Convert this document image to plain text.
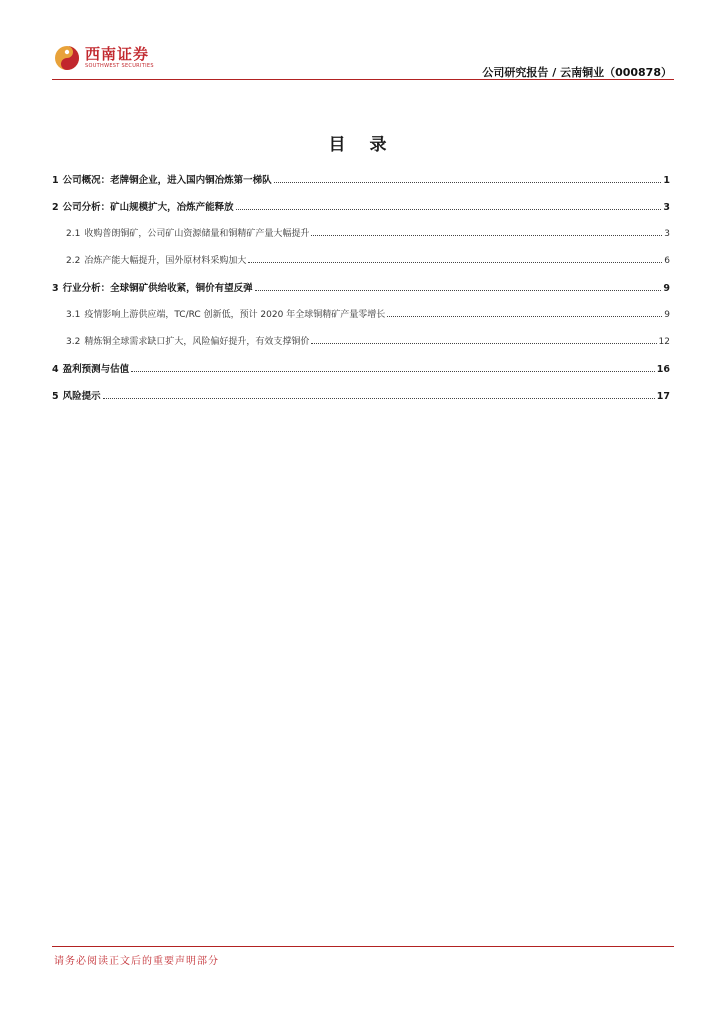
西南证券
SOUTHWEST SECURITIES	公司研究报告 / 云南铜业（000878）
目 录
1 公司概况：老牌铜企业，进入国内铜冶炼第一梯队	1
2 公司分析：矿山规模扩大，冶炼产能释放	3
2.1 收购普朗铜矿，公司矿山资源储量和铜精矿产量大幅提升	3
2.2 冶炼产能大幅提升，国外原材料采购加大	6
3 行业分析：全球铜矿供给收紧，铜价有望反弹	9
3.1 疫情影响上游供应端，TC/RC 创新低，预计 2020 年全球铜精矿产量零增长	9
3.2 精炼铜全球需求缺口扩大，风险偏好提升，有效支撑铜价	12
4 盈利预测与估值	16
5 风险提示	17
请务必阅读正文后的重要声明部分
